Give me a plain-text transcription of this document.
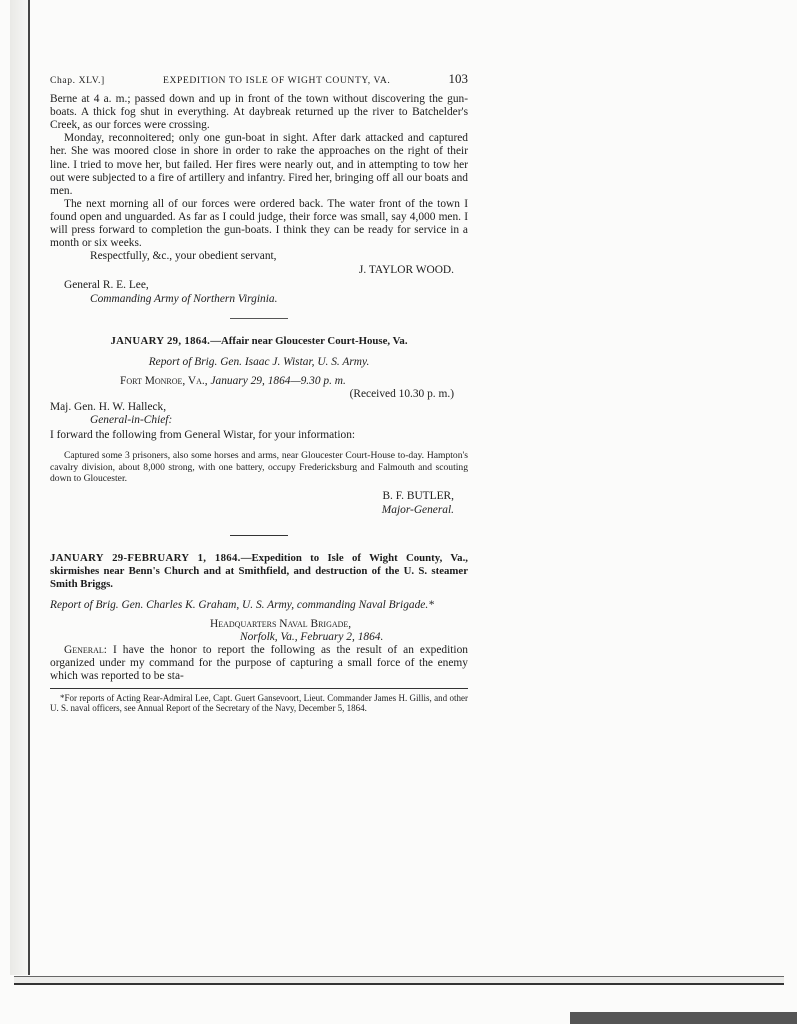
Chap. XLV.]	EXPEDITION TO ISLE OF WIGHT COUNTY, VA.	103

Berne at 4 a. m.; passed down and up in front of the town without discovering the gun-boats. A thick fog shut in everything. At daybreak returned up the river to Batchelder's Creek, as our forces were crossing.

Monday, reconnoitered; only one gun-boat in sight. After dark attacked and captured her. She was moored close in shore in order to rake the approaches on the right of their line. I tried to move her, but failed. Her fires were nearly out, and in attempting to tow her out were subjected to a fire of artillery and infantry. Fired her, bringing off all our boats and men.

The next morning all of our forces were ordered back. The water front of the town I found open and unguarded. As far as I could judge, their force was small, say 4,000 men. I will press forward to completion the gun-boats. I think they can be ready for service in a month or six weeks.

Respectfully, &c., your obedient servant,

J. TAYLOR WOOD.

General R. E. Lee,

Commanding Army of Northern Virginia.

JANUARY 29, 1864.—Affair near Gloucester Court-House, Va.

Report of Brig. Gen. Isaac J. Wistar, U. S. Army.

Fort Monroe, Va., January 29, 1864—9.30 p. m.

(Received 10.30 p. m.)

Maj. Gen. H. W. Halleck,

General-in-Chief:

I forward the following from General Wistar, for your information:

Captured some 3 prisoners, also some horses and arms, near Gloucester Court-House to-day. Hampton's cavalry division, about 8,000 strong, with one battery, occupy Fredericksburg and Falmouth and scouting down to Gloucester.

B. F. BUTLER,

Major-General.

JANUARY 29-FEBRUARY 1, 1864.—Expedition to Isle of Wight County, Va., skirmishes near Benn's Church and at Smithfield, and destruction of the U. S. steamer Smith Briggs.

Report of Brig. Gen. Charles K. Graham, U. S. Army, commanding Naval Brigade.*

Headquarters Naval Brigade,

Norfolk, Va., February 2, 1864.

General: I have the honor to report the following as the result of an expedition organized under my command for the purpose of capturing a small force of the enemy which was reported to be sta-

*For reports of Acting Rear-Admiral Lee, Capt. Guert Gansevoort, Lieut. Commander James H. Gillis, and other U. S. naval officers, see Annual Report of the Secretary of the Navy, December 5, 1864.
